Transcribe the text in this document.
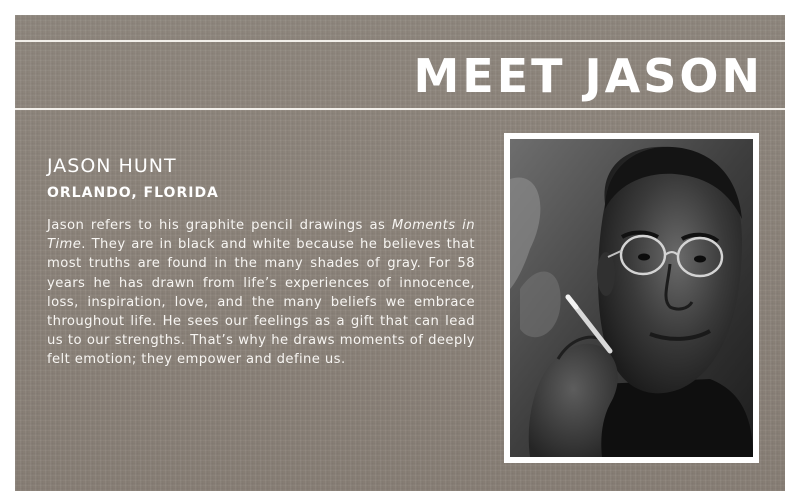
MEET JASON
JASON HUNT
ORLANDO, FLORIDA

Jason refers to his graphite pencil drawings as Moments in Time. They are in black and white because he believes that most truths are found in the many shades of gray. For 58 years he has drawn from life’s experiences of innocence, loss, inspiration, love, and the many beliefs we embrace throughout life. He sees our feelings as a gift that can lead us to our strengths. That’s why he draws moments of deeply felt emotion; they empower and define us.
